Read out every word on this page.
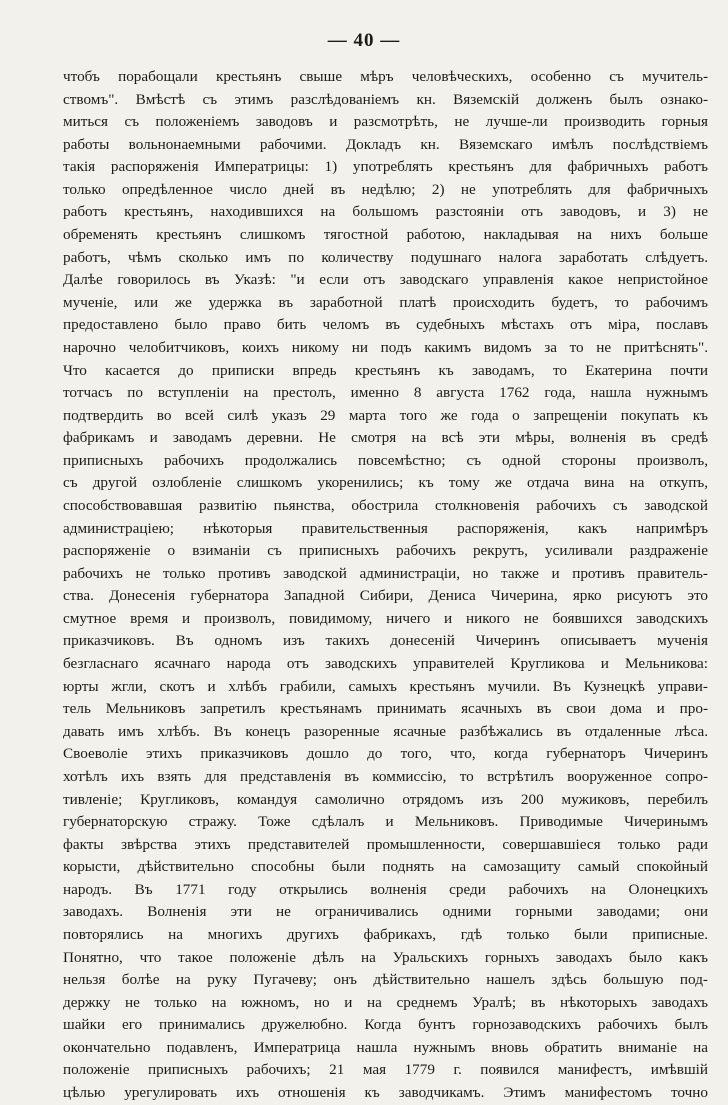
— 40 —
чтобъ порабощали крестьянъ свыше мѣръ человѣческихъ, особенно съ мучитель-
ствомъ". Вмѣстѣ съ этимъ разслѣдованіемъ кн. Вяземскій долженъ былъ ознако-
миться съ положеніемъ заводовъ и разсмотрѣть, не лучше-ли производить горныя
работы вольнонаемными рабочими. Докладъ кн. Вяземскаго имѣлъ послѣдствіемъ
такія распоряженія Императрицы: 1) употреблять крестьянъ для фабричныхъ работъ
только опредѣленное число дней въ недѣлю; 2) не употреблять для фабричныхъ
работъ крестьянъ, находившихся на большомъ разстояніи отъ заводовъ, и 3) не
обременять крестьянъ слишкомъ тягостной работою, накладывая на нихъ больше
работъ, чѣмъ сколько имъ по количеству подушнаго налога заработать слѣдуетъ.
Далѣе говорилось въ Указѣ: "и если отъ заводскаго управленія какое непристойное
мученіе, или же удержка въ заработной платѣ происходить будетъ, то рабочимъ
предоставлено было право бить челомъ въ судебныхъ мѣстахъ отъ міра, пославъ
нарочно челобитчиковъ, коихъ никому ни подъ какимъ видомъ за то не притѣснять".
Что касается до приписки впредь крестьянъ къ заводамъ, то Екатерина почти
тотчасъ по вступленіи на престолъ, именно 8 августа 1762 года, нашла нужнымъ
подтвердить во всей силѣ указъ 29 марта того же года о запрещеніи покупать къ
фабрикамъ и заводамъ деревни. Не смотря на всѣ эти мѣры, волненія въ средѣ
приписныхъ рабочихъ продолжались повсемѣстно; съ одной стороны произволъ,
съ другой озлобленіе слишкомъ укоренились; къ тому же отдача вина на откупъ,
способствовавшая развитію пьянства, обострила столкновенія рабочихъ съ заводской
администраціею; нѣкоторыя правительственныя распоряженія, какъ напримѣръ
распоряженіе о взиманіи съ приписныхъ рабочихъ рекрутъ, усиливали раздраженіе
рабочихъ не только противъ заводской администраціи, но также и противъ правитель-
ства. Донесенія губернатора Западной Сибири, Дениса Чичерина, ярко рисуютъ это
смутное время и произволъ, повидимому, ничего и никого не боявшихся заводскихъ
приказчиковъ. Въ одномъ изъ такихъ донесеній Чичеринъ описываетъ мученія
безгласнаго ясачнаго народа отъ заводскихъ управителей Кругликова и Мельникова:
юрты жгли, скотъ и хлѣбъ грабили, самыхъ крестьянъ мучили. Въ Кузнецкѣ управи-
тель Мельниковъ запретилъ крестьянамъ принимать ясачныхъ въ свои дома и про-
давать имъ хлѣбъ. Въ конецъ разоренные ясачные разбѣжались въ отдаленные лѣса.
Своеволіе этихъ приказчиковъ дошло до того, что, когда губернаторъ Чичеринъ
хотѣлъ ихъ взять для представленія въ коммиссію, то встрѣтилъ вооруженное сопро-
тивленіе; Кругликовъ, командуя самолично отрядомъ изъ 200 мужиковъ, перебилъ
губернаторскую стражу. Тоже сдѣлалъ и Мельниковъ. Приводимые Чичеринымъ
факты звѣрства этихъ представителей промышленности, совершавшіеся только ради
корысти, дѣйствительно способны были поднять на самозащиту самый спокойный
народъ. Въ 1771 году открылись волненія среди рабочихъ на Олонецкихъ
заводахъ. Волненія эти не ограничивались одними горными заводами; они
повторялись на многихъ другихъ фабрикахъ, гдѣ только были приписные.
Понятно, что такое положеніе дѣлъ на Уральскихъ горныхъ заводахъ было какъ
нельзя болѣе на руку Пугачеву; онъ дѣйствительно нашелъ здѣсь большую под-
держку не только на южномъ, но и на среднемъ Уралѣ; въ нѣкоторыхъ заводахъ
шайки его принимались дружелюбно. Когда бунтъ горнозаводскихъ рабочихъ былъ
окончательно подавленъ, Императрица нашла нужнымъ вновь обратить вниманіе на
положеніе приписныхъ рабочихъ; 21 мая 1779 г. появился манифестъ, имѣвшій
цѣлью урегулировать ихъ отношенія къ заводчикамъ. Этимъ манифестомъ точно
